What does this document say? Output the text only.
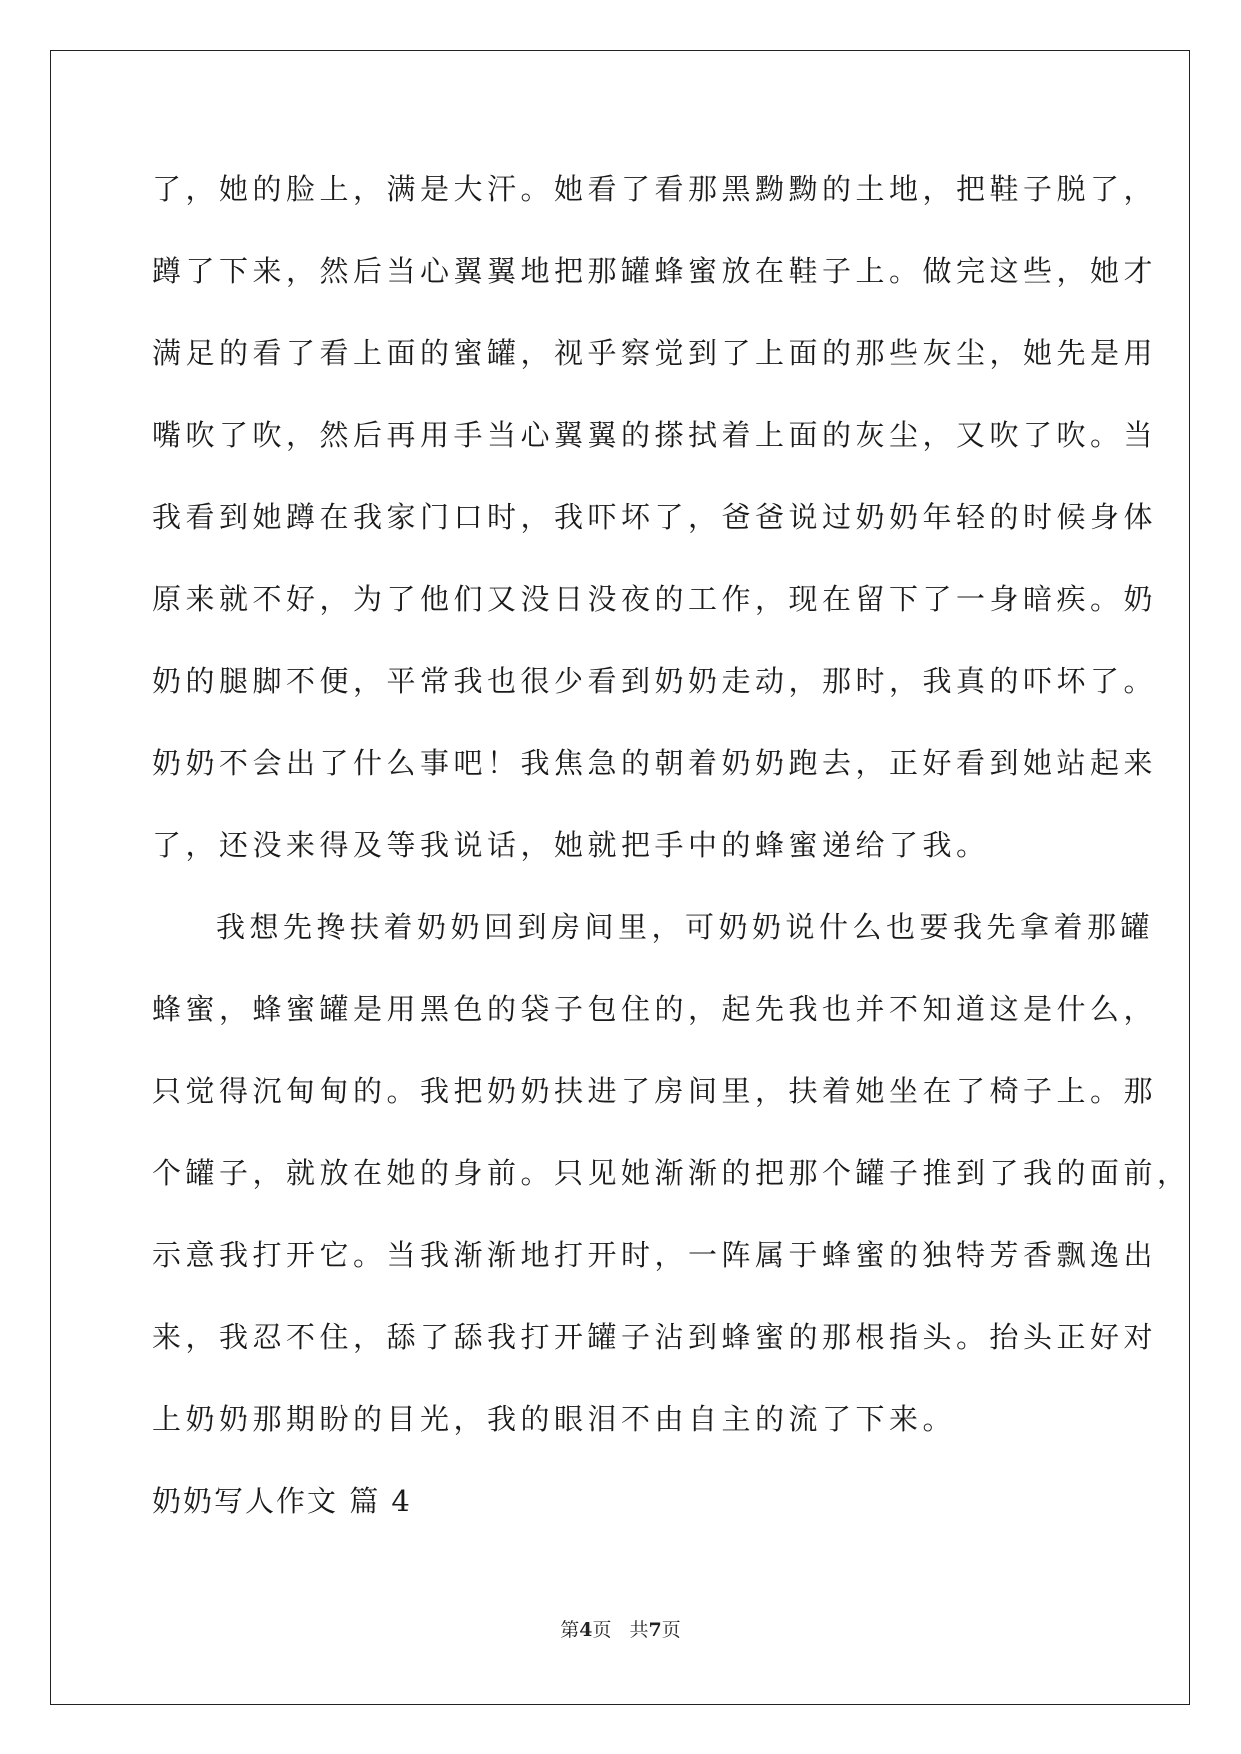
了，她的脸上，满是大汗。她看了看那黑黝黝的土地，把鞋子脱了，
蹲了下来，然后当心翼翼地把那罐蜂蜜放在鞋子上。做完这些，她才
满足的看了看上面的蜜罐，视乎察觉到了上面的那些灰尘，她先是用
嘴吹了吹，然后再用手当心翼翼的搽拭着上面的灰尘，又吹了吹。当
我看到她蹲在我家门口时，我吓坏了，爸爸说过奶奶年轻的时候身体
原来就不好，为了他们又没日没夜的工作，现在留下了一身暗疾。奶
奶的腿脚不便，平常我也很少看到奶奶走动，那时，我真的吓坏了。
奶奶不会出了什么事吧！我焦急的朝着奶奶跑去，正好看到她站起来
了，还没来得及等我说话，她就把手中的蜂蜜递给了我。
我想先搀扶着奶奶回到房间里，可奶奶说什么也要我先拿着那罐
蜂蜜，蜂蜜罐是用黑色的袋子包住的，起先我也并不知道这是什么，
只觉得沉甸甸的。我把奶奶扶进了房间里，扶着她坐在了椅子上。那
个罐子，就放在她的身前。只见她渐渐的把那个罐子推到了我的面前，
示意我打开它。当我渐渐地打开时，一阵属于蜂蜜的独特芳香飘逸出
来，我忍不住，舔了舔我打开罐子沾到蜂蜜的那根指头。抬头正好对
上奶奶那期盼的目光，我的眼泪不由自主的流了下来。
奶奶写人作文 篇 4
第4页 共7页
